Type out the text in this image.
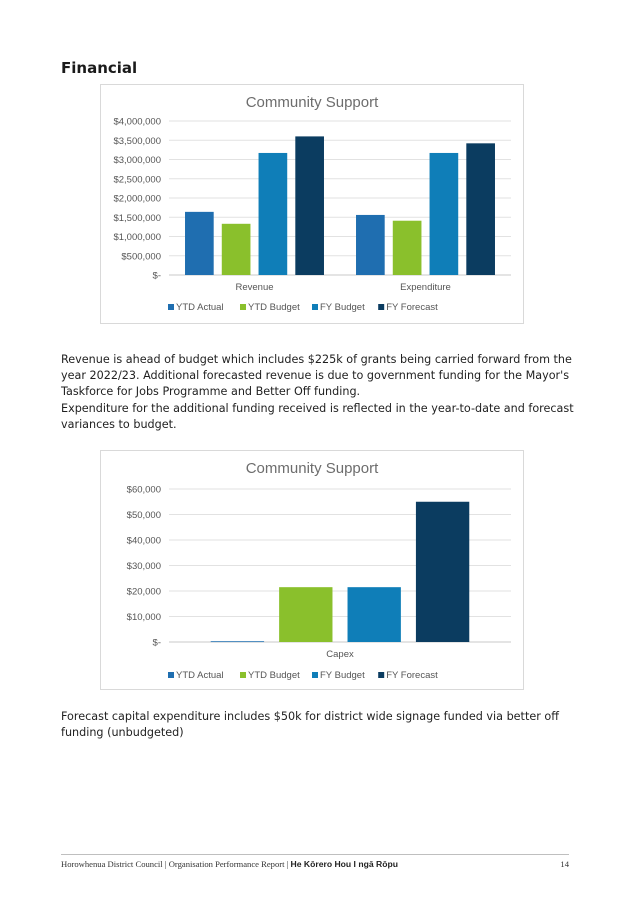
Financial
Community Support
$-
$500,000
$1,000,000
$1,500,000
$2,000,000
$2,500,000
$3,000,000
$3,500,000
$4,000,000
Revenue	Expenditure
YTD Actual	YTD Budget FY Budget FY Forecast

Revenue is ahead of budget which includes $225k of grants being carried forward from the year 2022/23. Additional forecasted revenue is due to government funding for the Mayor's Taskforce for Jobs Programme and Better Off funding.

Expenditure for the additional funding received is reflected in the year-to-date and forecast variances to budget.

Community Support
$-
$10,000
$20,000
$30,000
$40,000
$50,000
$60,000
Capex
YTD Actual	YTD Budget FY Budget FY Forecast

Forecast capital expenditure includes $50k for district wide signage funded via better off funding (unbudgeted)

Horowhenua District Council | Organisation Performance Report | He Kōrero Hou I ngā Rōpu	14
